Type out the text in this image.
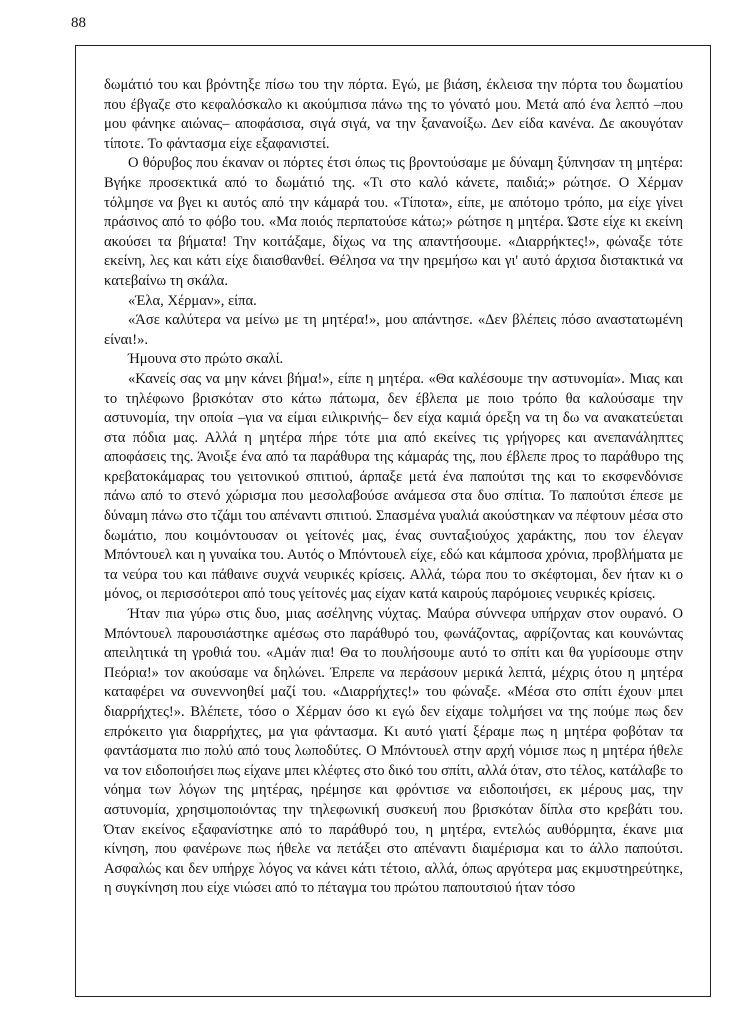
88

δωμάτιό του και βρόντηξε πίσω του την πόρτα. Εγώ, με βιάση, έκλεισα την πόρτα του δωματίου που έβγαζε στο κεφαλόσκαλο κι ακούμπισα πάνω της το γόνατό μου. Μετά από ένα λεπτό –που μου φάνηκε αιώνας– αποφάσισα, σιγά σιγά, να την ξανανοίξω. Δεν είδα κανένα. Δε ακουγόταν τίποτε. Το φάντασμα είχε εξαφανιστεί.

Ο θόρυβος που έκαναν οι πόρτες έτσι όπως τις βροντούσαμε με δύναμη ξύπνησαν τη μητέρα: Βγήκε προσεκτικά από το δωμάτιό της. «Τι στο καλό κάνετε, παιδιά;» ρώτησε. Ο Χέρμαν τόλμησε να βγει κι αυτός από την κάμαρά του. «Τίποτα», είπε, με απότομο τρόπο, μα είχε γίνει πράσινος από το φόβο του. «Μα ποιός περπατούσε κάτω;» ρώτησε η μητέρα. Ώστε είχε κι εκείνη ακούσει τα βήματα! Την κοιτάξαμε, δίχως να της απαντήσουμε. «Διαρρήκτες!», φώναξε τότε εκείνη, λες και κάτι είχε διαισθανθεί. Θέλησα να την ηρεμήσω και γι' αυτό άρχισα διστακτικά να κατεβαίνω τη σκάλα.

«Έλα, Χέρμαν», είπα.

«Άσε καλύτερα να μείνω με τη μητέρα!», μου απάντησε. «Δεν βλέπεις πόσο αναστατωμένη είναι!».

Ήμουνα στο πρώτο σκαλί.

«Κανείς σας να μην κάνει βήμα!», είπε η μητέρα. «Θα καλέσουμε την αστυνομία». Μιας και το τηλέφωνο βρισκόταν στο κάτω πάτωμα, δεν έβλεπα με ποιο τρόπο θα καλούσαμε την αστυνομία, την οποία –για να είμαι ειλικρινής– δεν είχα καμιά όρεξη να τη δω να ανακατεύεται στα πόδια μας. Αλλά η μητέρα πήρε τότε μια από εκείνες τις γρήγορες και ανεπανάληπτες αποφάσεις της. Άνοιξε ένα από τα παράθυρα της κάμαράς της, που έβλεπε προς το παράθυρο της κρεβατοκάμαρας του γειτονικού σπιτιού, άρπαξε μετά ένα παπούτσι της και το εκσφενδόνισε πάνω από το στενό χώρισμα που μεσολαβούσε ανάμεσα στα δυο σπίτια. Το παπούτσι έπεσε με δύναμη πάνω στο τζάμι του απέναντι σπιτιού. Σπασμένα γυαλιά ακούστηκαν να πέφτουν μέσα στο δωμάτιο, που κοιμόντουσαν οι γείτονές μας, ένας συνταξιούχος χαράκτης, που τον έλεγαν Μπόντουελ και η γυναίκα του. Αυτός ο Μπόντουελ είχε, εδώ και κάμποσα χρόνια, προβλήματα με τα νεύρα του και πάθαινε συχνά νευρικές κρίσεις. Αλλά, τώρα που το σκέφτομαι, δεν ήταν κι ο μόνος, οι περισσότεροι από τους γείτονές μας είχαν κατά καιρούς παρόμοιες νευρικές κρίσεις.

Ήταν πια γύρω στις δυο, μιας ασέληνης νύχτας. Μαύρα σύννεφα υπήρχαν στον ουρανό. Ο Μπόντουελ παρουσιάστηκε αμέσως στο παράθυρό του, φωνάζοντας, αφρίζοντας και κουνώντας απειλητικά τη γροθιά του. «Αμάν πια! Θα το πουλήσουμε αυτό το σπίτι και θα γυρίσουμε στην Πεόρια!» τον ακούσαμε να δηλώνει. Έπρεπε να περάσουν μερικά λεπτά, μέχρις ότου η μητέρα καταφέρει να συνεννοηθεί μαζί του. «Διαρρήχτες!» του φώναξε. «Μέσα στο σπίτι έχουν μπει διαρρήχτες!». Βλέπετε, τόσο ο Χέρμαν όσο κι εγώ δεν είχαμε τολμήσει να της πούμε πως δεν επρόκειτο για διαρρήχτες, μα για φάντασμα. Κι αυτό γιατί ξέραμε πως η μητέρα φοβόταν τα φαντάσματα πιο πολύ από τους λωποδύτες. Ο Μπόντουελ στην αρχή νόμισε πως η μητέρα ήθελε να τον ειδοποιήσει πως είχανε μπει κλέφτες στο δικό του σπίτι, αλλά όταν, στο τέλος, κατάλαβε το νόημα των λόγων της μητέρας, ηρέμησε και φρόντισε να ειδοποιήσει, εκ μέρους μας, την αστυνομία, χρησιμοποιόντας την τηλεφωνική συσκευή που βρισκόταν δίπλα στο κρεβάτι του. Όταν εκείνος εξαφανίστηκε από το παράθυρό του, η μητέρα, εντελώς αυθόρμητα, έκανε μια κίνηση, που φανέρωνε πως ήθελε να πετάξει στο απέναντι διαμέρισμα και το άλλο παπούτσι. Ασφαλώς και δεν υπήρχε λόγος να κάνει κάτι τέτοιο, αλλά, όπως αργότερα μας εκμυστηρεύτηκε, η συγκίνηση που είχε νιώσει από το πέταγμα του πρώτου παπουτσιού ήταν τόσο
